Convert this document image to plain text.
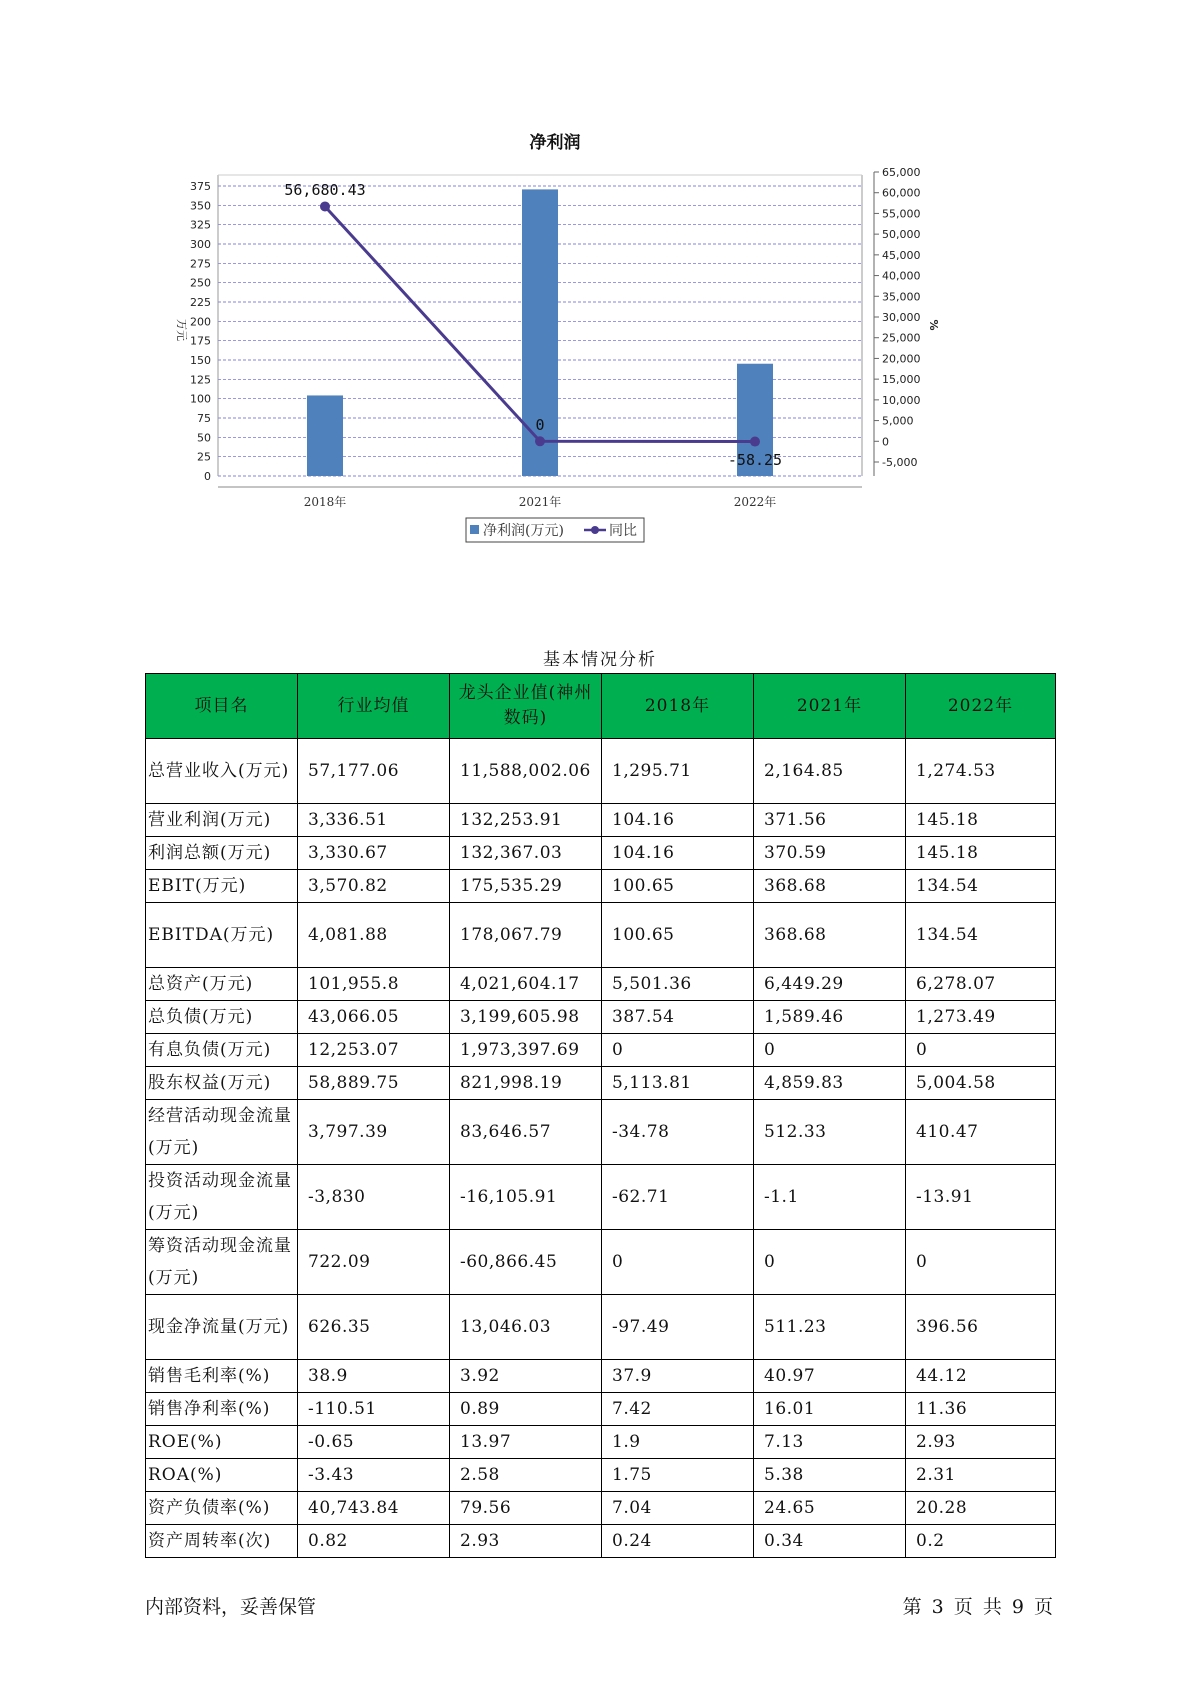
净利润
0
25
50
75
100
125
150
175
200
225
250
275
300
325
350
375
-5,000
0
5,000
10,000
15,000
20,000
25,000
30,000
35,000
40,000
45,000
50,000
55,000
60,000
65,000
万元	%
2018年	2021年	2022年
56,680.43
0
-58.25
净利润(万元)	同比
基本情况分析
项目名	行业均值	龙头企业值(神州数码)	2018年	2021年	2022年
总营业收入(万元)	57,177.06	11,588,002.06	1,295.71	2,164.85	1,274.53
营业利润(万元)	3,336.51	132,253.91	104.16	371.56	145.18
利润总额(万元)	3,330.67	132,367.03	104.16	370.59	145.18
EBIT(万元)	3,570.82	175,535.29	100.65	368.68	134.54
EBITDA(万元)	4,081.88	178,067.79	100.65	368.68	134.54
总资产(万元)	101,955.8	4,021,604.17	5,501.36	6,449.29	6,278.07
总负债(万元)	43,066.05	3,199,605.98	387.54	1,589.46	1,273.49
有息负债(万元)	12,253.07	1,973,397.69	0	0	0
股东权益(万元)	58,889.75	821,998.19	5,113.81	4,859.83	5,004.58
经营活动现金流量(万元)	3,797.39	83,646.57	-34.78	512.33	410.47
投资活动现金流量(万元)	-3,830	-16,105.91	-62.71	-1.1	-13.91
筹资活动现金流量(万元)	722.09	-60,866.45	0	0	0
现金净流量(万元)	626.35	13,046.03	-97.49	511.23	396.56
销售毛利率(%)	38.9	3.92	37.9	40.97	44.12
销售净利率(%)	-110.51	0.89	7.42	16.01	11.36
ROE(%)	-0.65	13.97	1.9	7.13	2.93
ROA(%)	-3.43	2.58	1.75	5.38	2.31
资产负债率(%)	40,743.84	79.56	7.04	24.65	20.28
资产周转率(次)	0.82	2.93	0.24	0.34	0.2
内部资料，妥善保管	第 3 页 共 9 页
